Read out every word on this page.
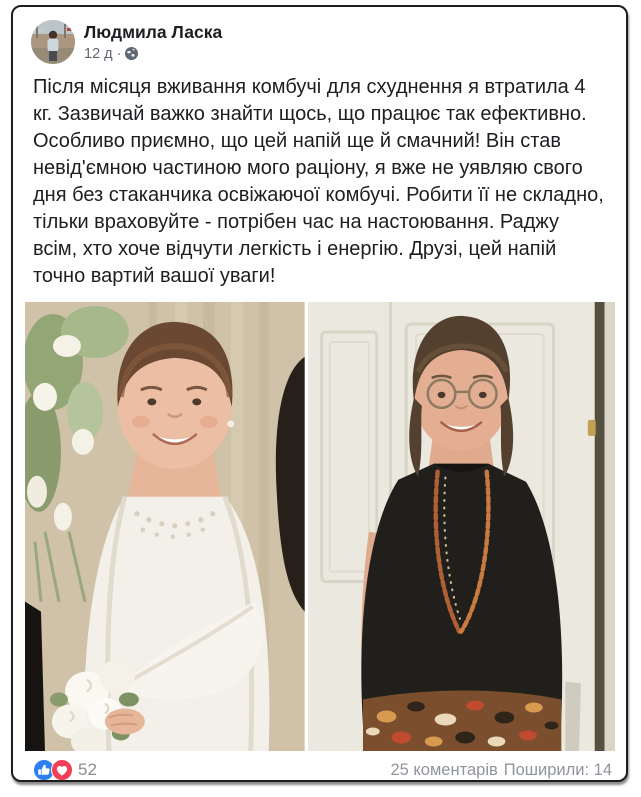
Людмила Ласка
12 д ·
Після місяця вживання комбучі для схуднення я втратила 4 кг. Зазвичай важко знайти щось, що працює так ефективно. Особливо приємно, що цей напій ще й смачний! Він став невід'ємною частиною мого раціону, я вже не уявляю свого дня без стаканчика освіжаючої комбучі. Робити її не складно, тільки враховуйте - потрібен час на настоювання. Раджу всім, хто хоче відчути легкість і енергію. Друзі, цей напій точно вартий вашої уваги!
52	25 коментарів Поширили: 14
